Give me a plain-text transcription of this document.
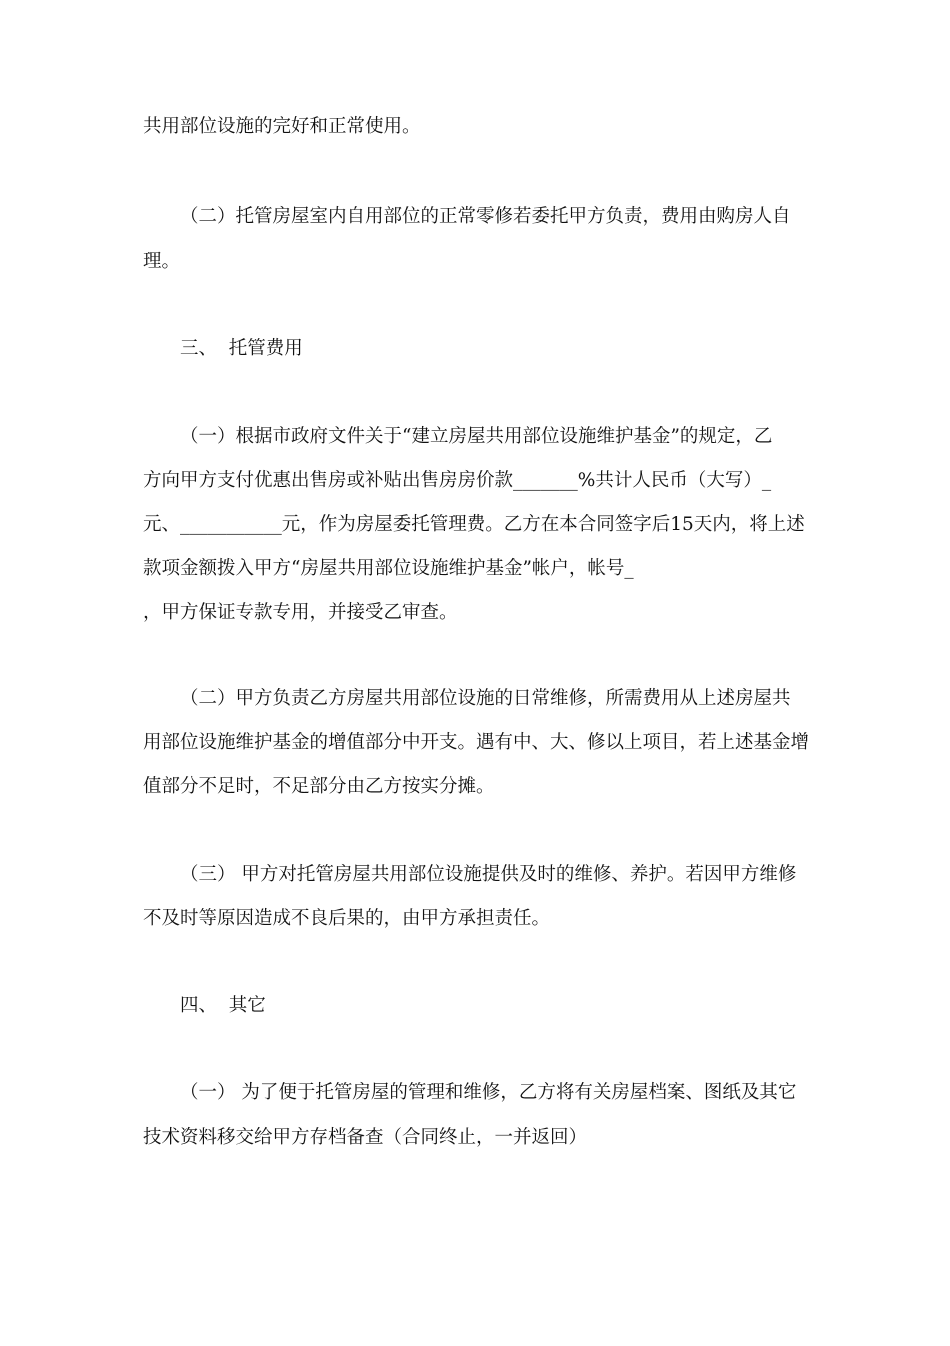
共用部位设施的完好和正常使用。
（二）托管房屋室内自用部位的正常零修若委托甲方负责，费用由购房人自
理。
三、  托管费用
（一）根据市政府文件关于“建立房屋共用部位设施维护基金”的规定，乙
方向甲方支付优惠出售房或补贴出售房房价款_______%共计人民币（大写）_
元、___________元，作为房屋委托管理费。乙方在本合同签字后15天内，将上述
款项金额拨入甲方“房屋共用部位设施维护基金”帐户，帐号_
，甲方保证专款专用，并接受乙审查。
（二）甲方负责乙方房屋共用部位设施的日常维修，所需费用从上述房屋共
用部位设施维护基金的增值部分中开支。遇有中、大、修以上项目，若上述基金增
值部分不足时，不足部分由乙方按实分摊。
（三） 甲方对托管房屋共用部位设施提供及时的维修、养护。若因甲方维修
不及时等原因造成不良后果的，由甲方承担责任。
四、  其它
（一） 为了便于托管房屋的管理和维修，乙方将有关房屋档案、图纸及其它
技术资料移交给甲方存档备查（合同终止，一并返回）
